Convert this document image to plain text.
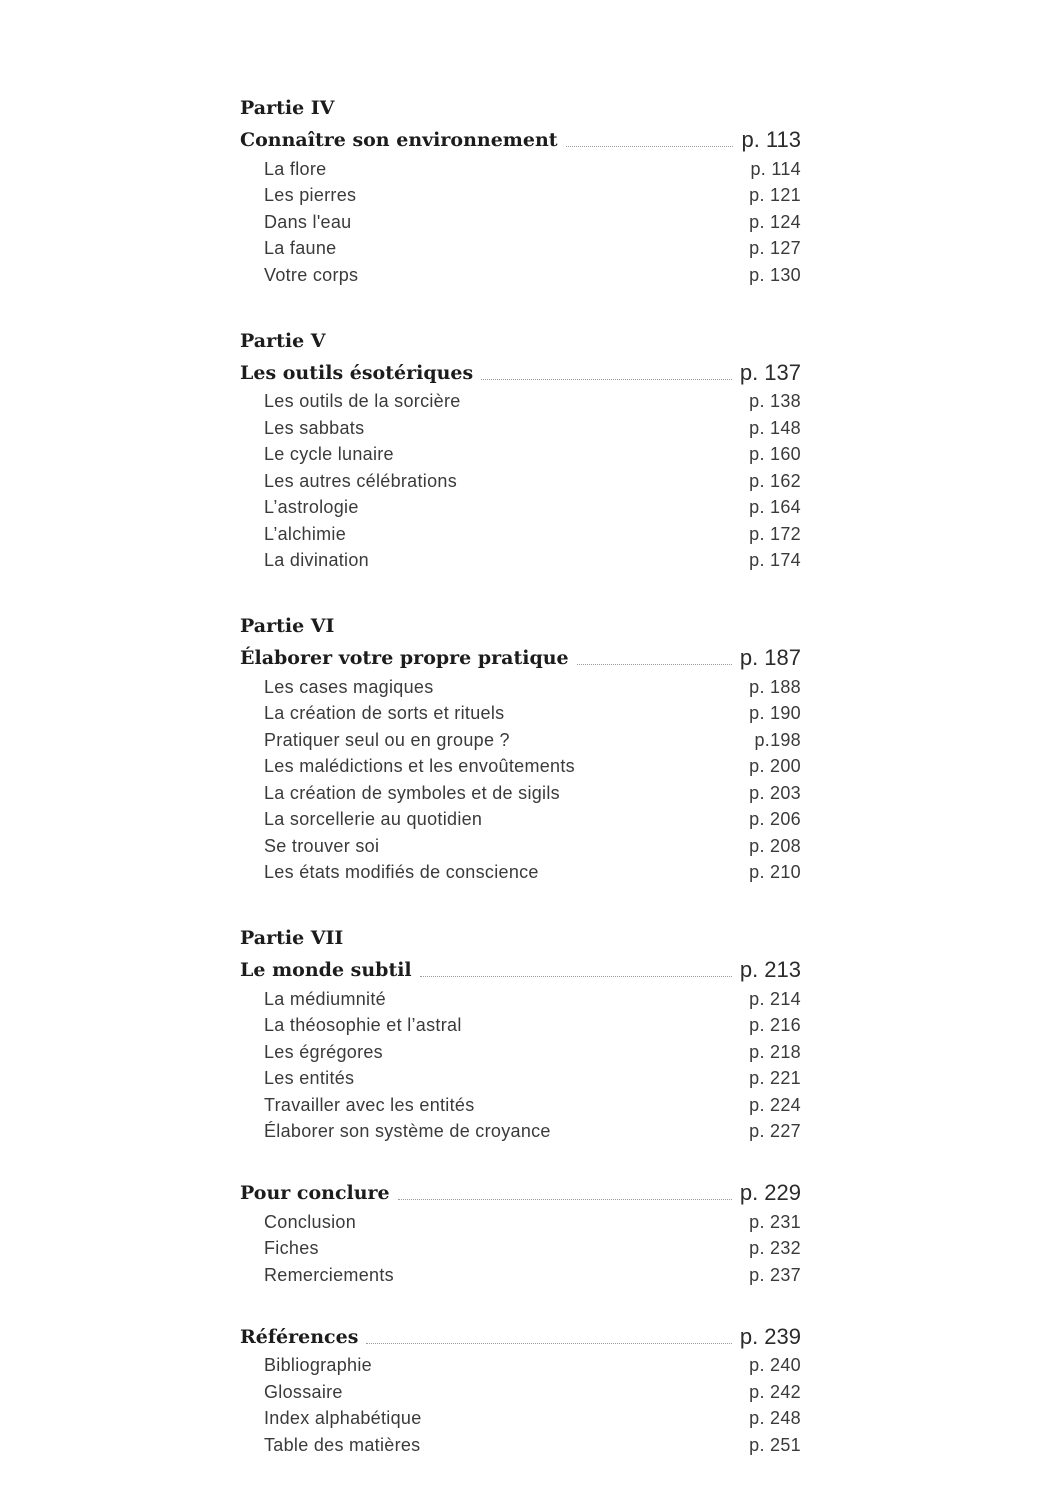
Partie IV
Connaître son environnement	p. 113
La flore	p. 114
Les pierres	p. 121
Dans l'eau	p. 124
La faune	p. 127
Votre corps	p. 130
Partie V
Les outils ésotériques	p. 137
Les outils de la sorcière	p. 138
Les sabbats	p. 148
Le cycle lunaire	p. 160
Les autres célébrations	p. 162
L’astrologie	p. 164
L’alchimie	p. 172
La divination	p. 174
Partie VI
Élaborer votre propre pratique	p. 187
Les cases magiques	p. 188
La création de sorts et rituels	p. 190
Pratiquer seul ou en groupe ?	p.198
Les malédictions et les envoûtements	p. 200
La création de symboles et de sigils	p. 203
La sorcellerie au quotidien	p. 206
Se trouver soi	p. 208
Les états modifiés de conscience	p. 210
Partie VII
Le monde subtil	p. 213
La médiumnité	p. 214
La théosophie et l’astral	p. 216
Les égrégores	p. 218
Les entités	p. 221
Travailler avec les entités	p. 224
Élaborer son système de croyance	p. 227
Pour conclure	p. 229
Conclusion	p. 231
Fiches	p. 232
Remerciements	p. 237
Références	p. 239
Bibliographie	p. 240
Glossaire	p. 242
Index alphabétique	p. 248
Table des matières	p. 251
